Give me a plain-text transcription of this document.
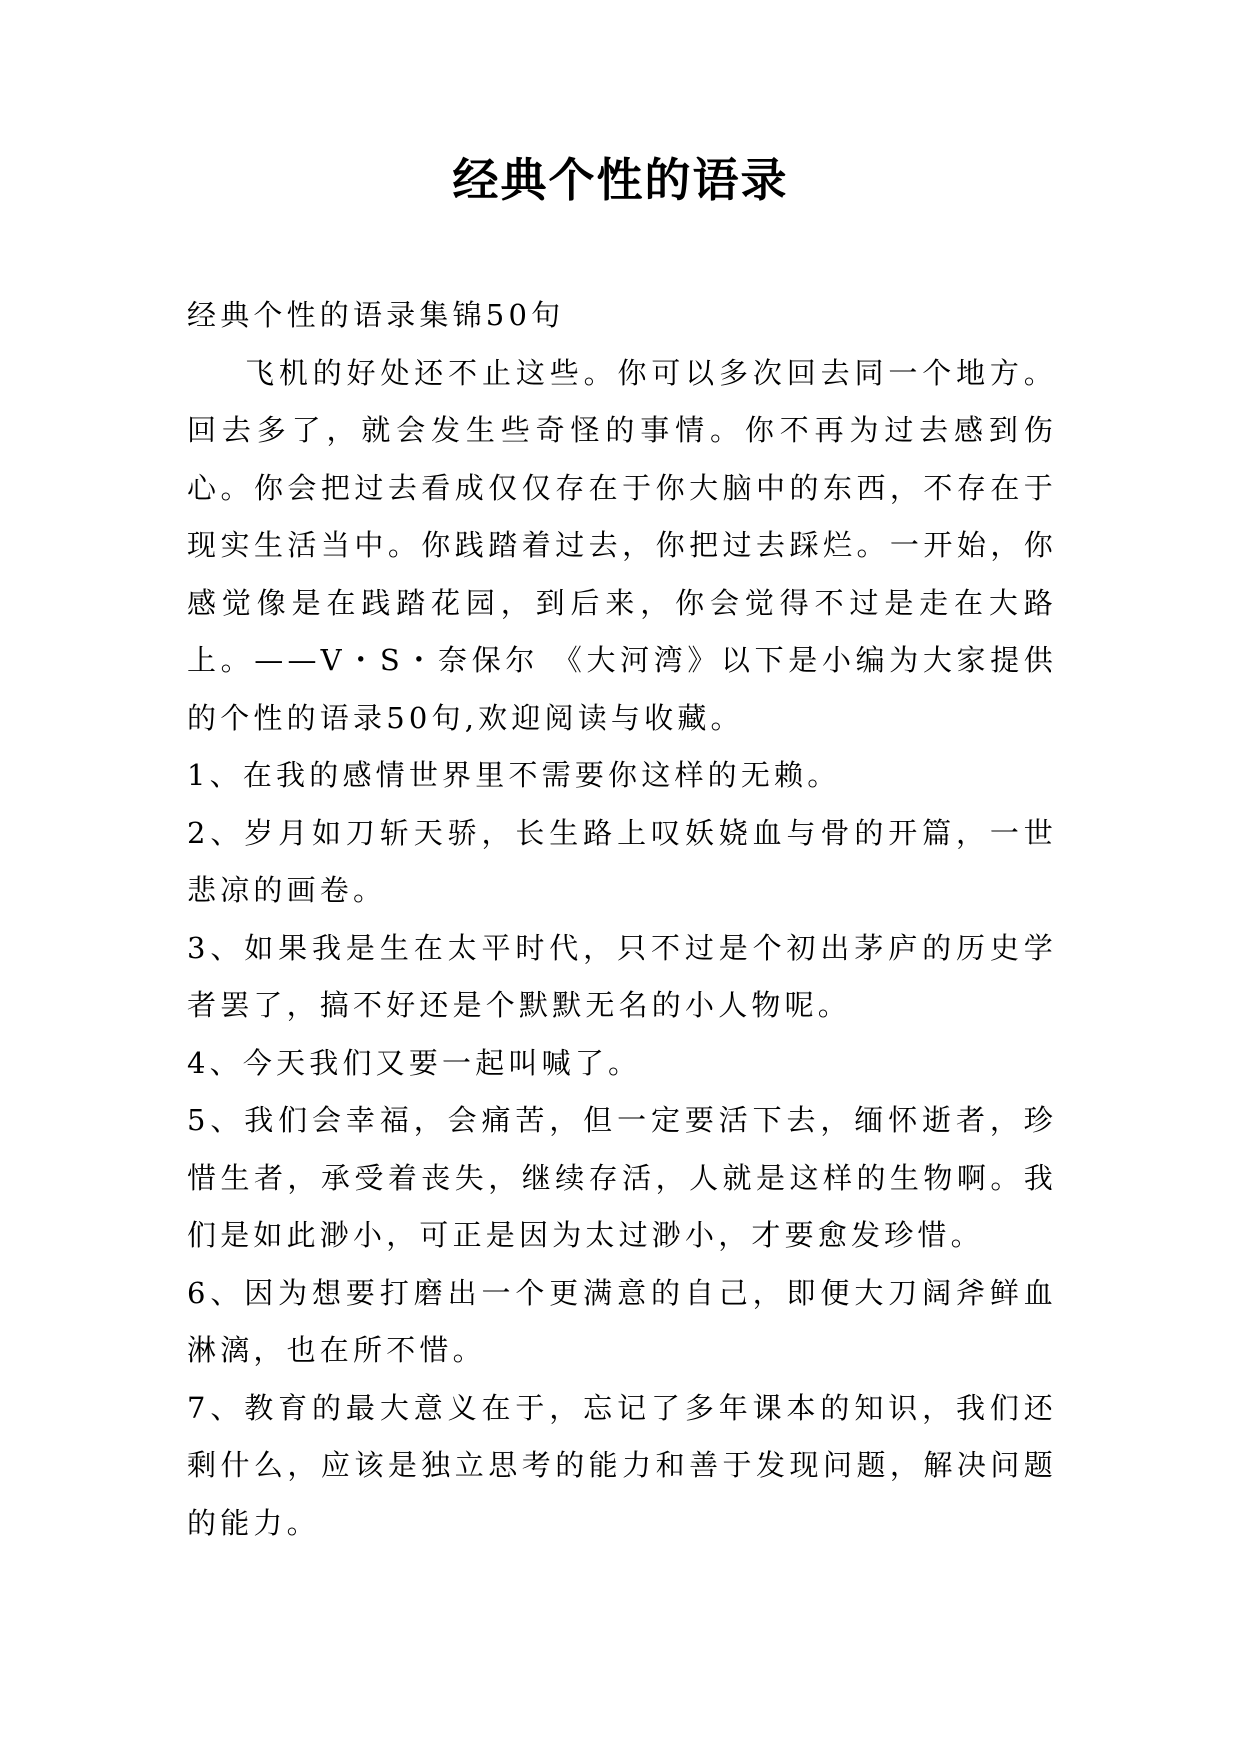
经典个性的语录

经典个性的语录集锦50句

飞机的好处还不止这些。你可以多次回去同一个地方。回去多了，就会发生些奇怪的事情。你不再为过去感到伤心。你会把过去看成仅仅存在于你大脑中的东西，不存在于现实生活当中。你践踏着过去，你把过去踩烂。一开始，你感觉像是在践踏花园，到后来，你会觉得不过是走在大路上。——V・S・奈保尔 《大河湾》以下是小编为大家提供的个性的语录50句,欢迎阅读与收藏。

1、在我的感情世界里不需要你这样的无赖。

2、岁月如刀斩天骄，长生路上叹妖娆血与骨的开篇，一世悲凉的画卷。

3、如果我是生在太平时代，只不过是个初出茅庐的历史学者罢了，搞不好还是个默默无名的小人物呢。

4、今天我们又要一起叫喊了。

5、我们会幸福，会痛苦，但一定要活下去，缅怀逝者，珍惜生者，承受着丧失，继续存活，人就是这样的生物啊。我们是如此渺小，可正是因为太过渺小，才要愈发珍惜。

6、因为想要打磨出一个更满意的自己，即便大刀阔斧鲜血淋漓，也在所不惜。

7、教育的最大意义在于，忘记了多年课本的知识，我们还剩什么，应该是独立思考的能力和善于发现问题，解决问题的能力。
